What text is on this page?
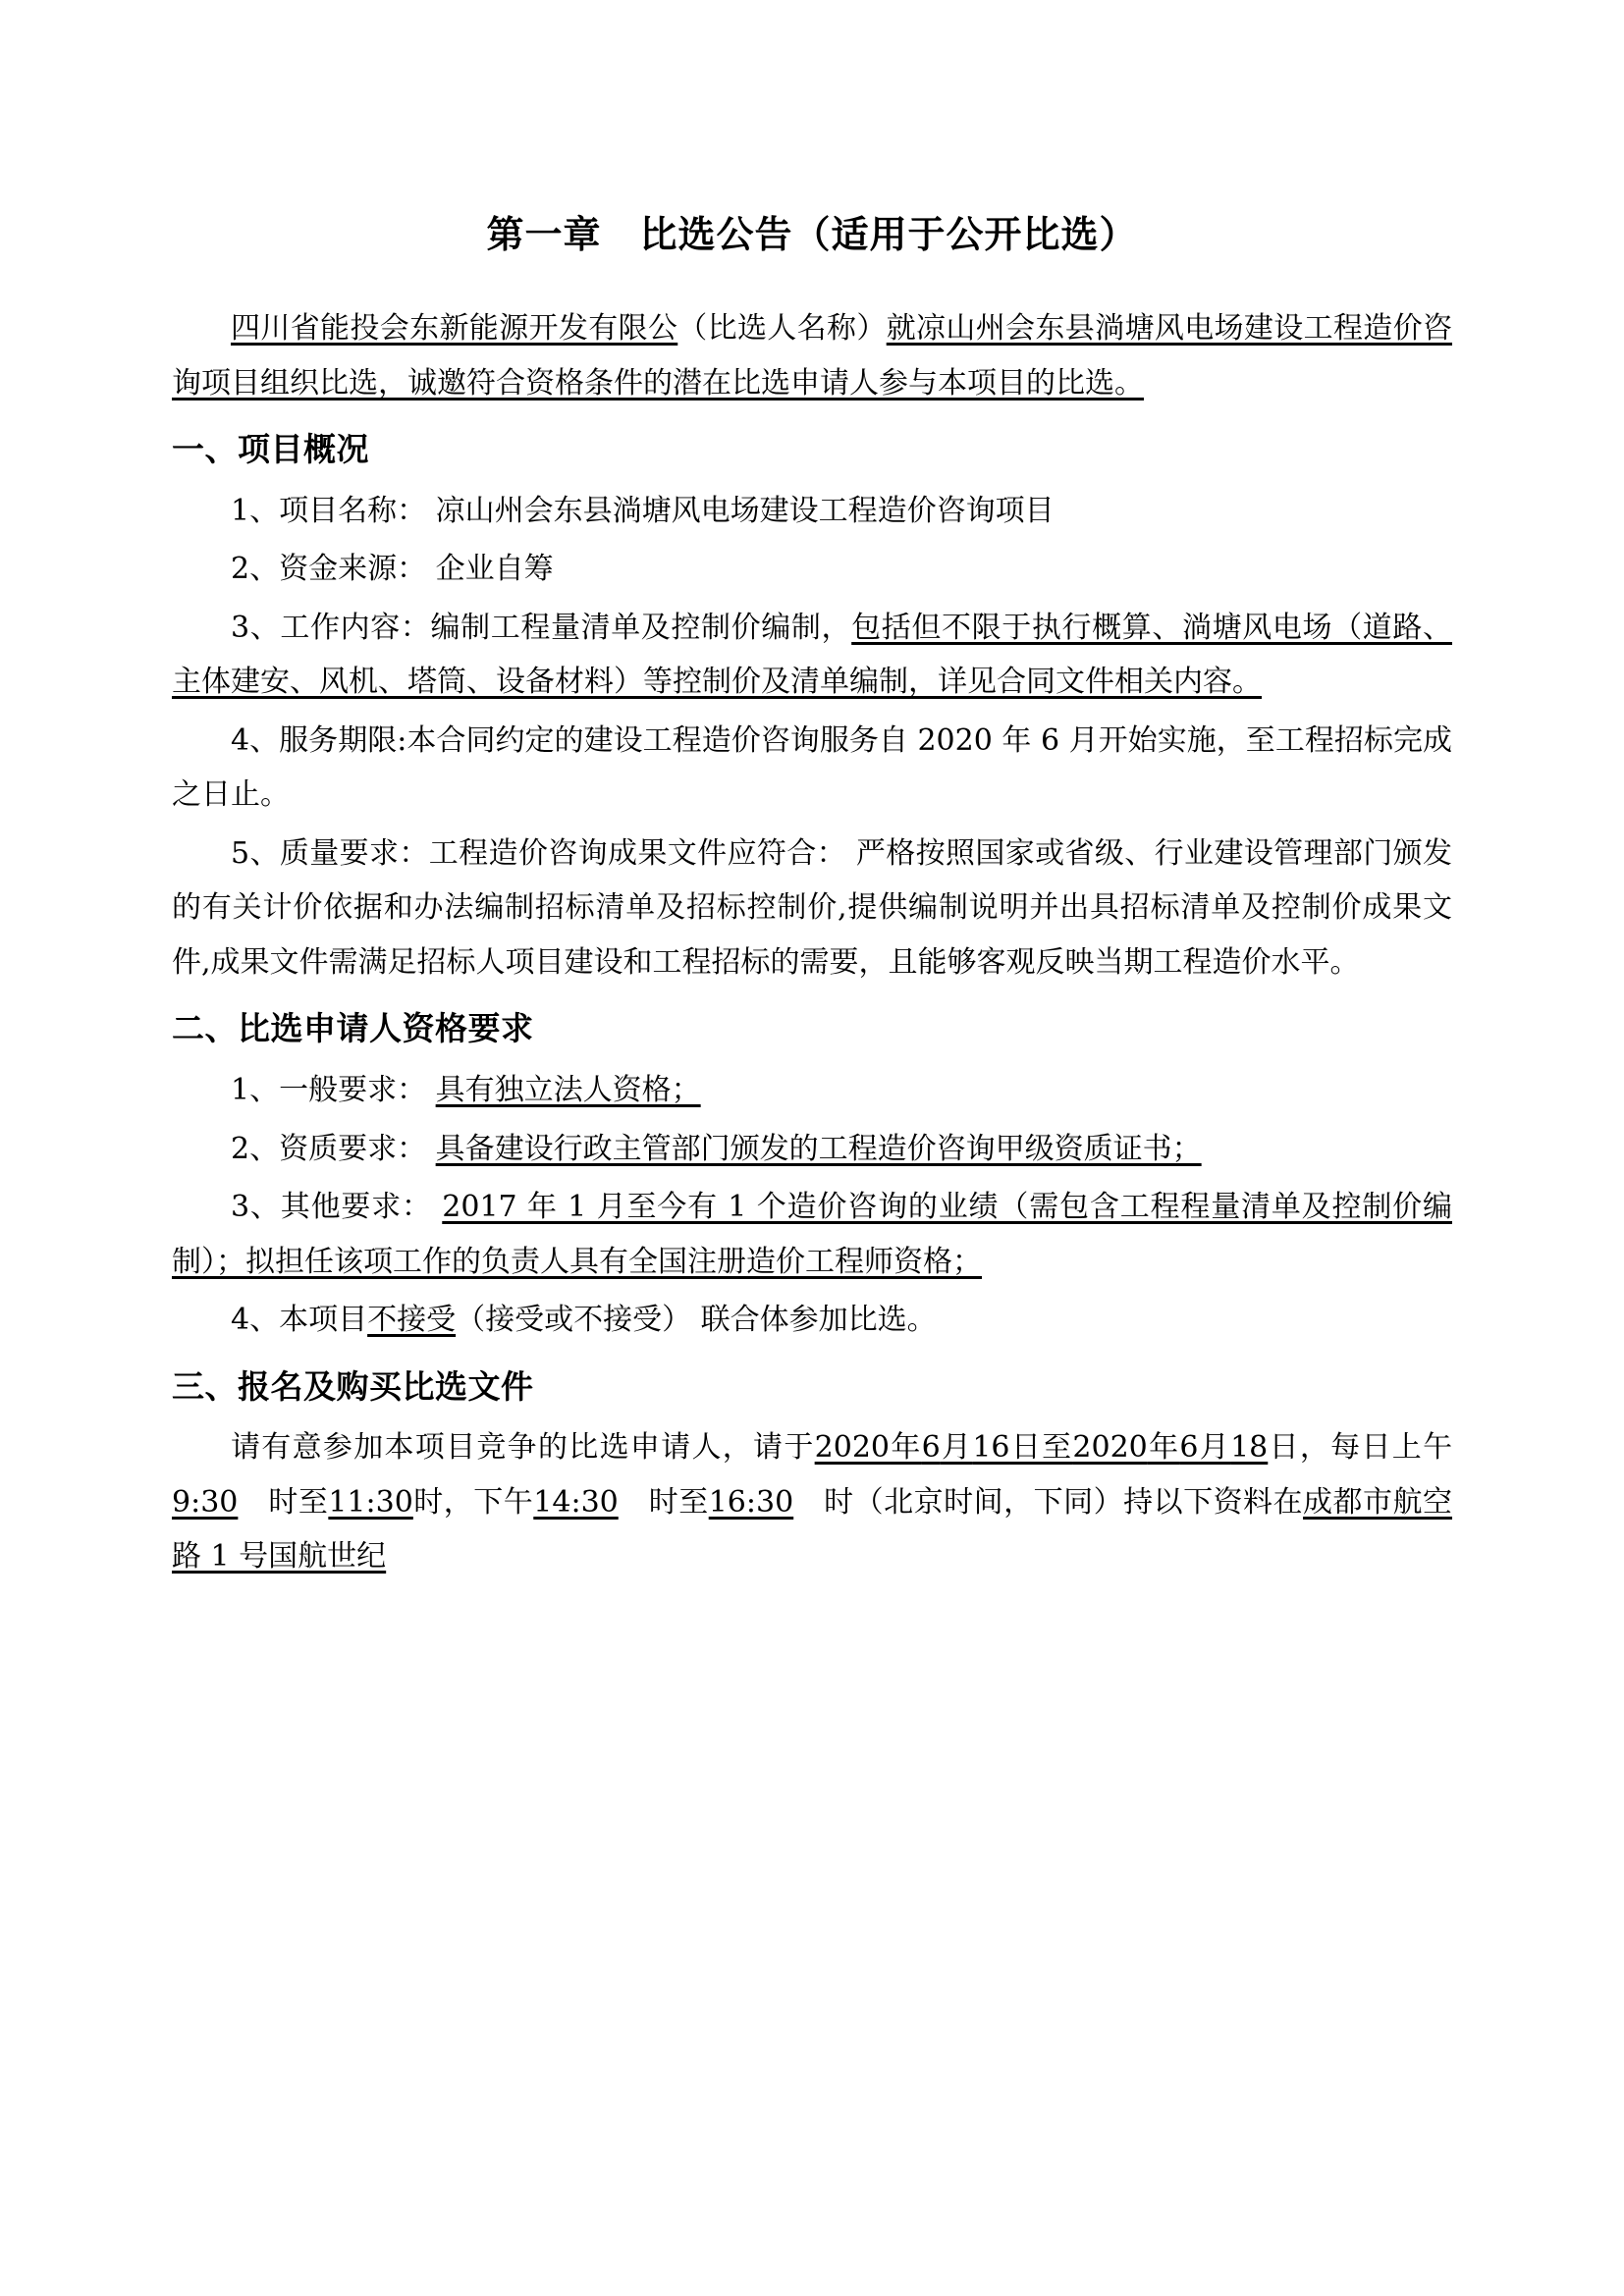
第一章　比选公告（适用于公开比选）

四川省能投会东新能源开发有限公（比选人名称）就凉山州会东县淌塘风电场建设工程造价咨询项目组织比选，诚邀符合资格条件的潜在比选申请人参与本项目的比选。

一、项目概况

1、项目名称： 凉山州会东县淌塘风电场建设工程造价咨询项目

2、资金来源： 企业自筹

3、工作内容：编制工程量清单及控制价编制，包括但不限于执行概算、淌塘风电场（道路、主体建安、风机、塔筒、设备材料）等控制价及清单编制，详见合同文件相关内容。

4、服务期限:本合同约定的建设工程造价咨询服务自 2020 年 6 月开始实施，至工程招标完成之日止。

5、质量要求：工程造价咨询成果文件应符合： 严格按照国家或省级、行业建设管理部门颁发的有关计价依据和办法编制招标清单及招标控制价,提供编制说明并出具招标清单及控制价成果文件,成果文件需满足招标人项目建设和工程招标的需要，且能够客观反映当期工程造价水平。

二、比选申请人资格要求

1、一般要求： 具有独立法人资格；

2、资质要求： 具备建设行政主管部门颁发的工程造价咨询甲级资质证书；

3、其他要求： 2017 年 1 月至今有 1 个造价咨询的业绩（需包含工程程量清单及控制价编制）；拟担任该项工作的负责人具有全国注册造价工程师资格；

4、本项目不接受（接受或不接受） 联合体参加比选。

三、报名及购买比选文件

请有意参加本项目竞争的比选申请人，请于2020年6月16日至2020年6月18日，每日上午9:30　时至11:30时，下午14:30　时至16:30　 时（北京时间，下同）持以下资料在成都市航空路 1 号国航世纪
